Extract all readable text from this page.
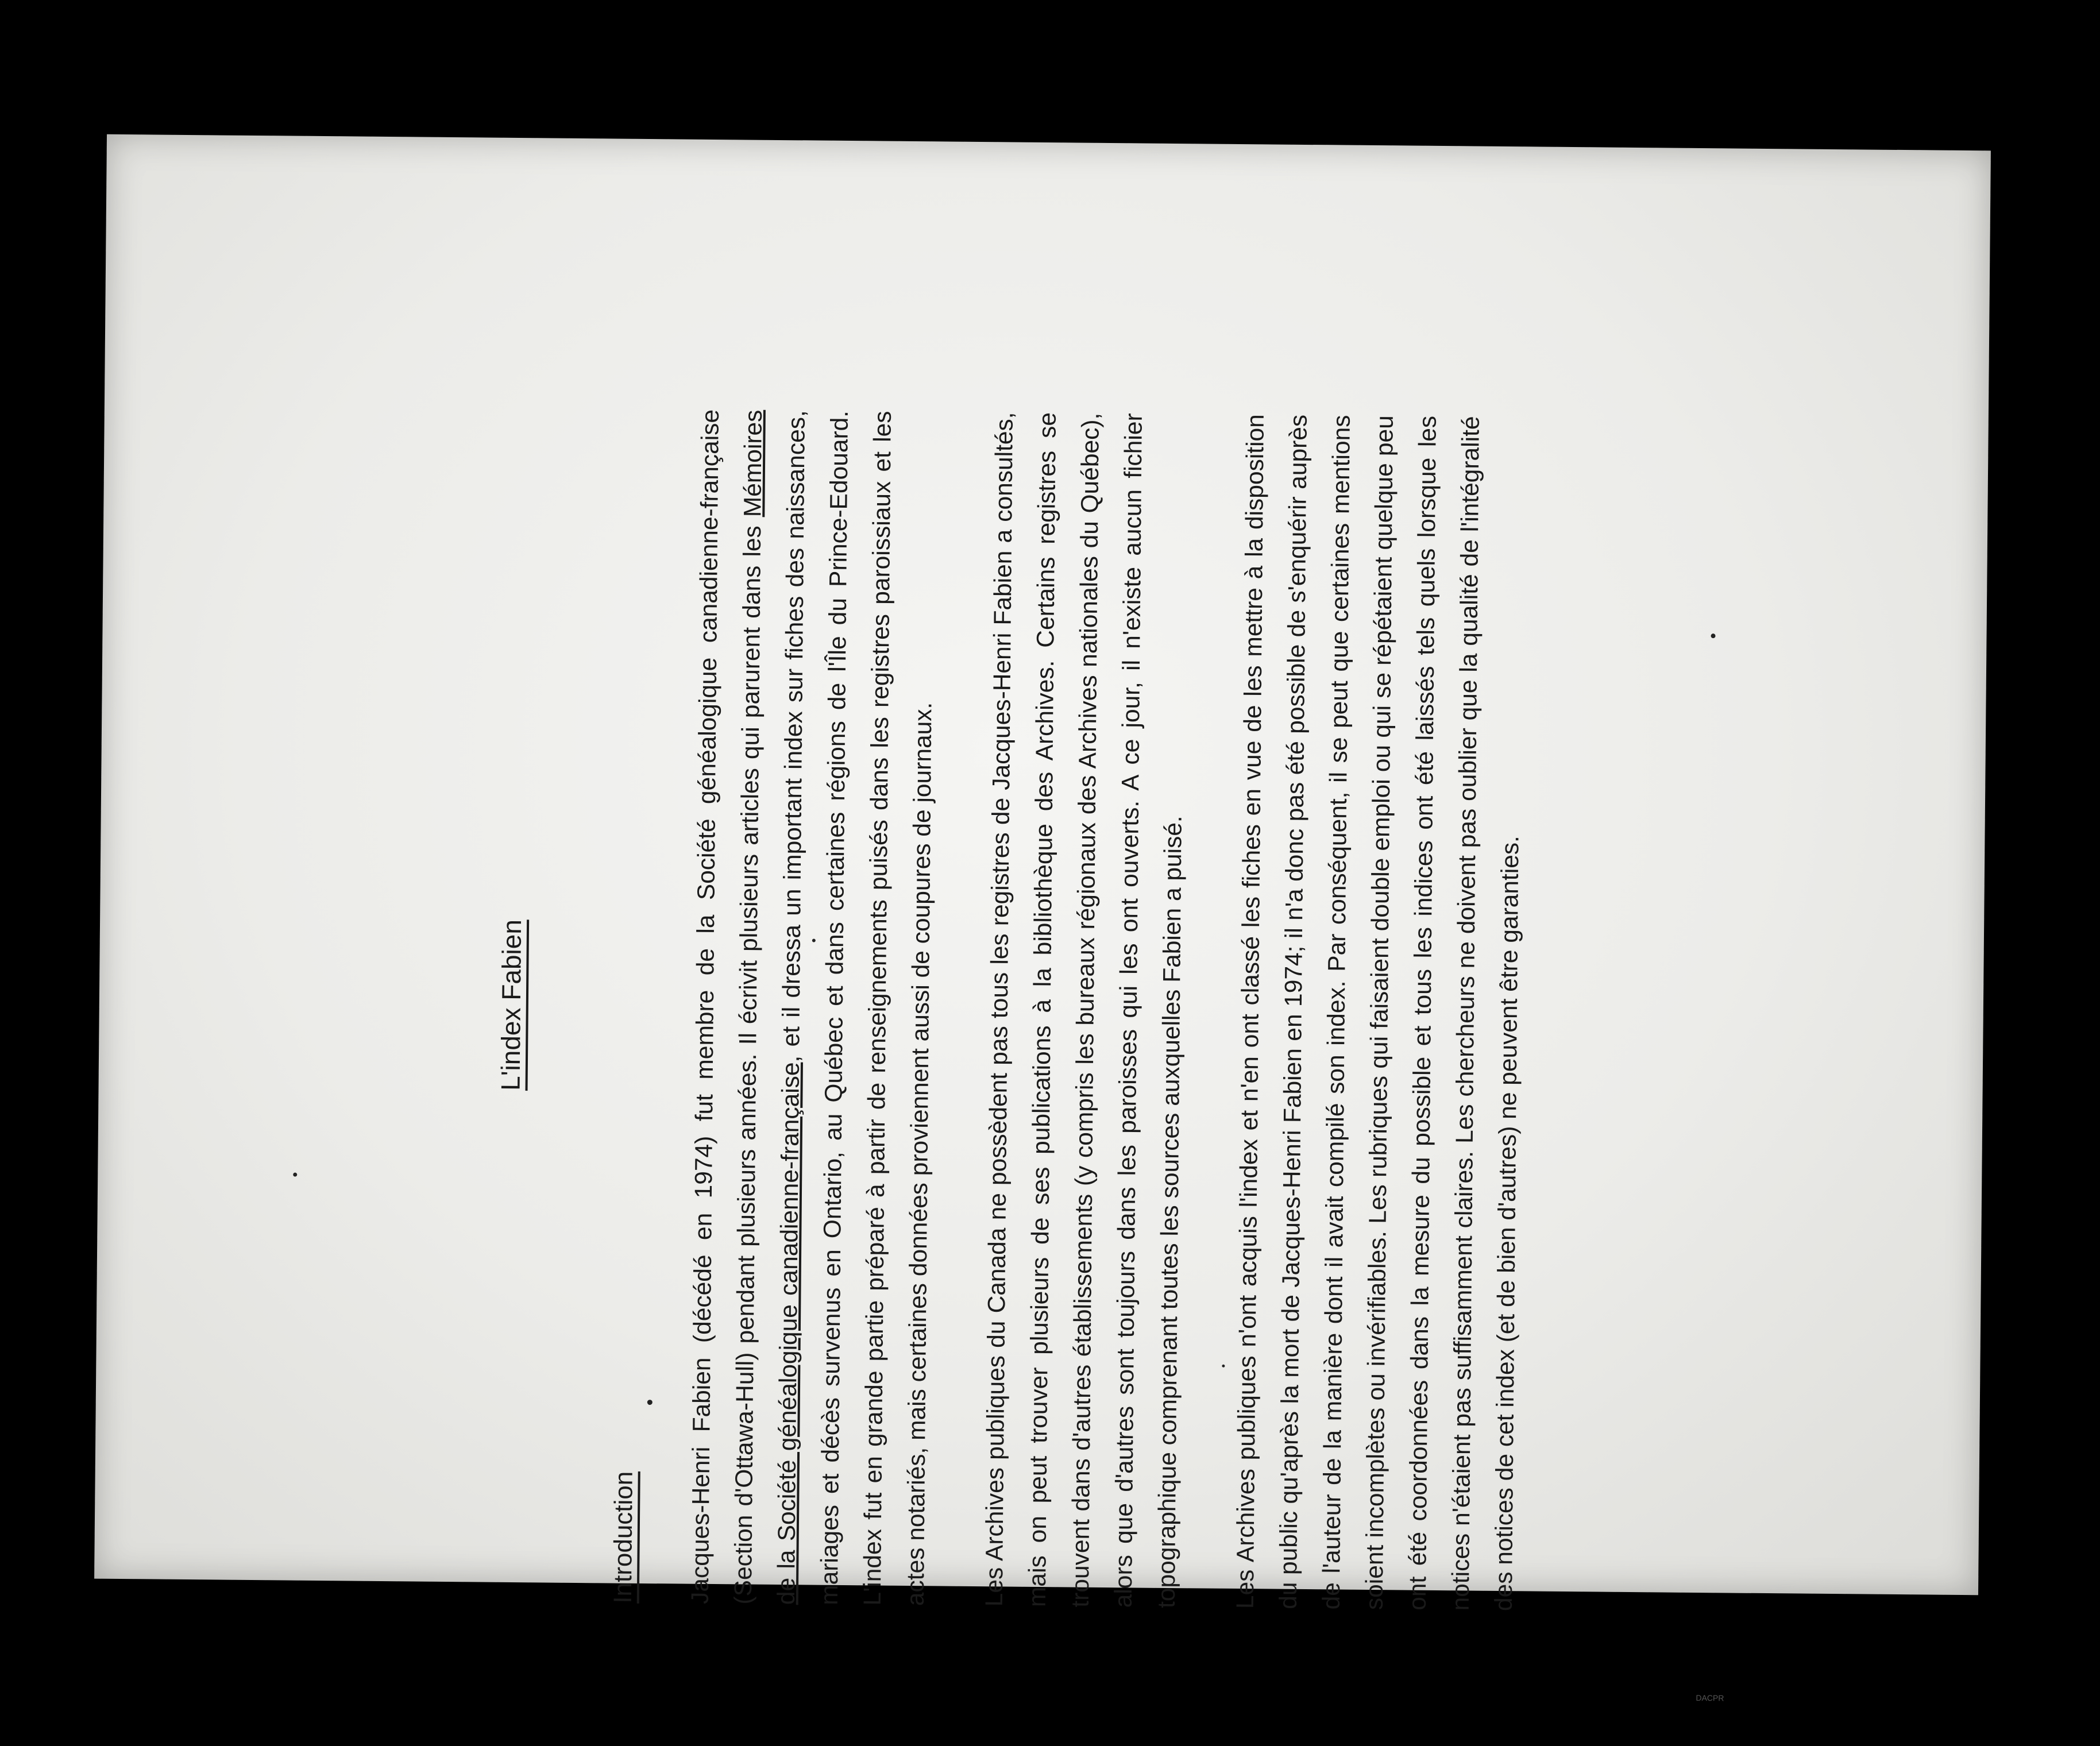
L'index Fabien
Introduction	Jacques-Henri Fabien (décédé en 1974) fut membre de la Société généalogique canadienne-française (Section d'Ottawa-Hull) pendant plusieurs années. Il écrivit plusieurs articles qui parurent dans les Mémoires de la Société généalogique canadienne-française, et il dressa un important index sur fiches des naissances, mariages et décès survenus en Ontario, au Québec et dans certaines régions de l'Île du Prince-Edouard. L'index fut en grande partie préparé à partir de renseignements puisés dans les registres paroissiaux et les actes notariés, mais certaines données proviennent aussi de coupures de journaux.	Les Archives publiques du Canada ne possèdent pas tous les registres de Jacques-Henri Fabien a consultés, mais on peut trouver plusieurs de ses publications à la bibliothèque des Archives. Certains registres se trouvent dans d'autres établissements (y compris les bureaux régionaux des Archives nationales du Québec), alors que d'autres sont toujours dans les paroisses qui les ont ouverts. A ce jour, il n'existe aucun fichier topographique comprenant toutes les sources auxquelles Fabien a puisé.	Les Archives publiques n'ont acquis l'index et n'en ont classé les fiches en vue de les mettre à la disposition du public qu'après la mort de Jacques-Henri Fabien en 1974; il n'a donc pas été possible de s'enquérir auprès de l'auteur de la manière dont il avait compilé son index. Par conséquent, il se peut que certaines mentions soient incomplètes ou invérifiables. Les rubriques qui faisaient double emploi ou qui se répétaient quelque peu ont été coordonnées dans la mesure du possible et tous les indices ont été laissés tels quels lorsque les notices n'étaient pas suffisamment claires. Les chercheurs ne doivent pas oublier que la qualité de l'intégralité des notices de cet index (et de bien d'autres) ne peuvent être garanties.

DACPR
